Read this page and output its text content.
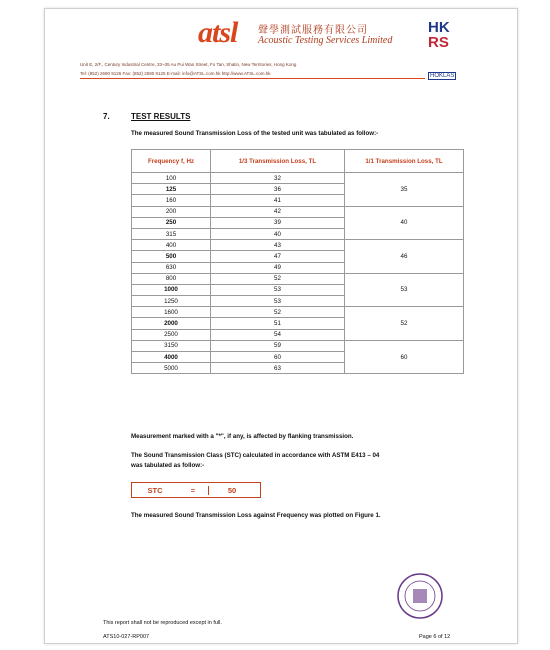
atsl 聲學測試服務有限公司
Acoustic Testing Services Limited
Unit E, 2/F., Century Industrial Centre, 33~35 Au Pui Wan Street, Fo Tan, Shatin, New Territories, Hong Kong
Tel: (852) 2690 9126 Fax: (852) 2690 9125 E-mail: info@ATSL.com.hk http://www.ATSL.com.hk
HK
RS
HOKLAS
7.	TEST RESULTS
The measured Sound Transmission Loss of the tested unit was tabulated as follow:-
Frequency f, Hz	1/3 Transmission Loss, TL	1/1 Transmission Loss, TL
100	32	35
125	36	
160	41	
200	42	40
250	39	
315	40	
400	43	46
500	47	
630	49	
800	52	53
1000	53	
1250	53	
1600	52	52
2000	51	
2500	54	
3150	59	60
4000	60	
5000	63	
Measurement marked with a "*", if any, is affected by flanking transmission.
The Sound Transmission Class (STC) calculated in accordance with ASTM E413 – 04
was tabulated as follow:-
STC	=	50
The measured Sound Transmission Loss against Frequency was plotted on Figure 1.
This report shall not be reproduced except in full.
ATS10-027-RP007	Page 6 of 12
